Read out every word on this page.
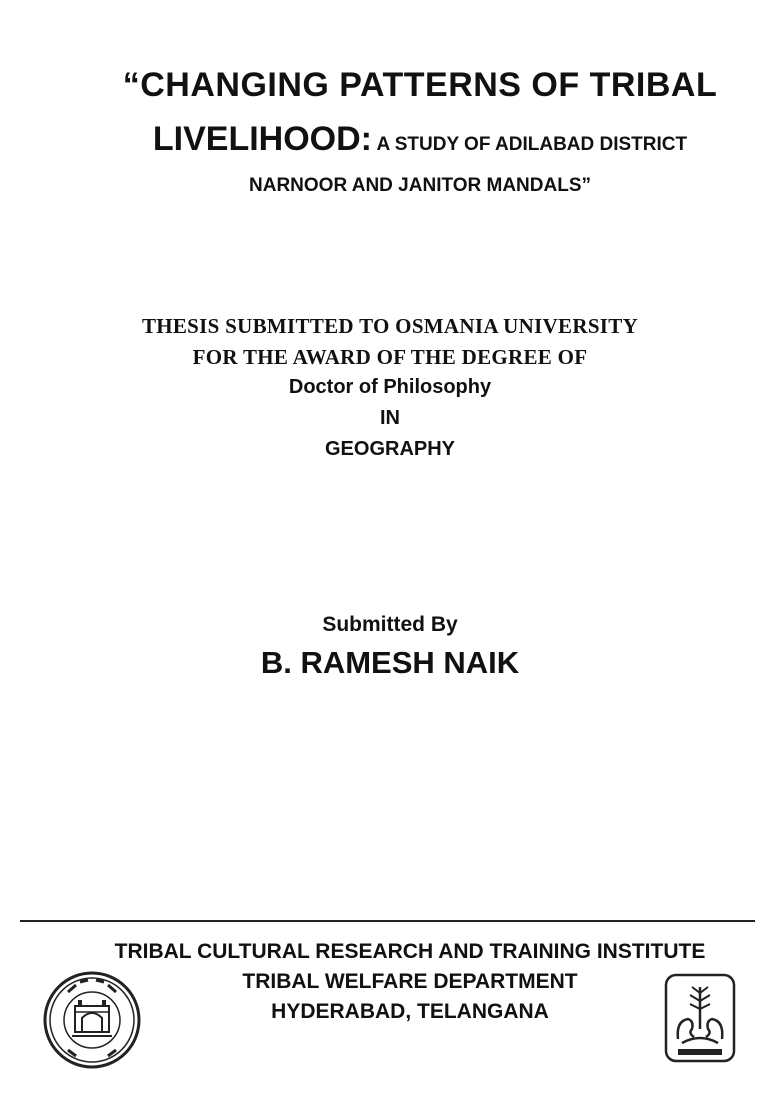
“CHANGING PATTERNS OF TRIBAL
LIVELIHOOD: A STUDY OF ADILABAD DISTRICT
NARNOOR AND JANITOR MANDALS”
THESIS SUBMITTED TO OSMANIA UNIVERSITY
FOR THE AWARD OF THE DEGREE OF
Doctor of Philosophy
IN
GEOGRAPHY
Submitted By
B. RAMESH NAIK
TRIBAL CULTURAL RESEARCH AND TRAINING INSTITUTE
TRIBAL WELFARE DEPARTMENT
HYDERABAD, TELANGANA
